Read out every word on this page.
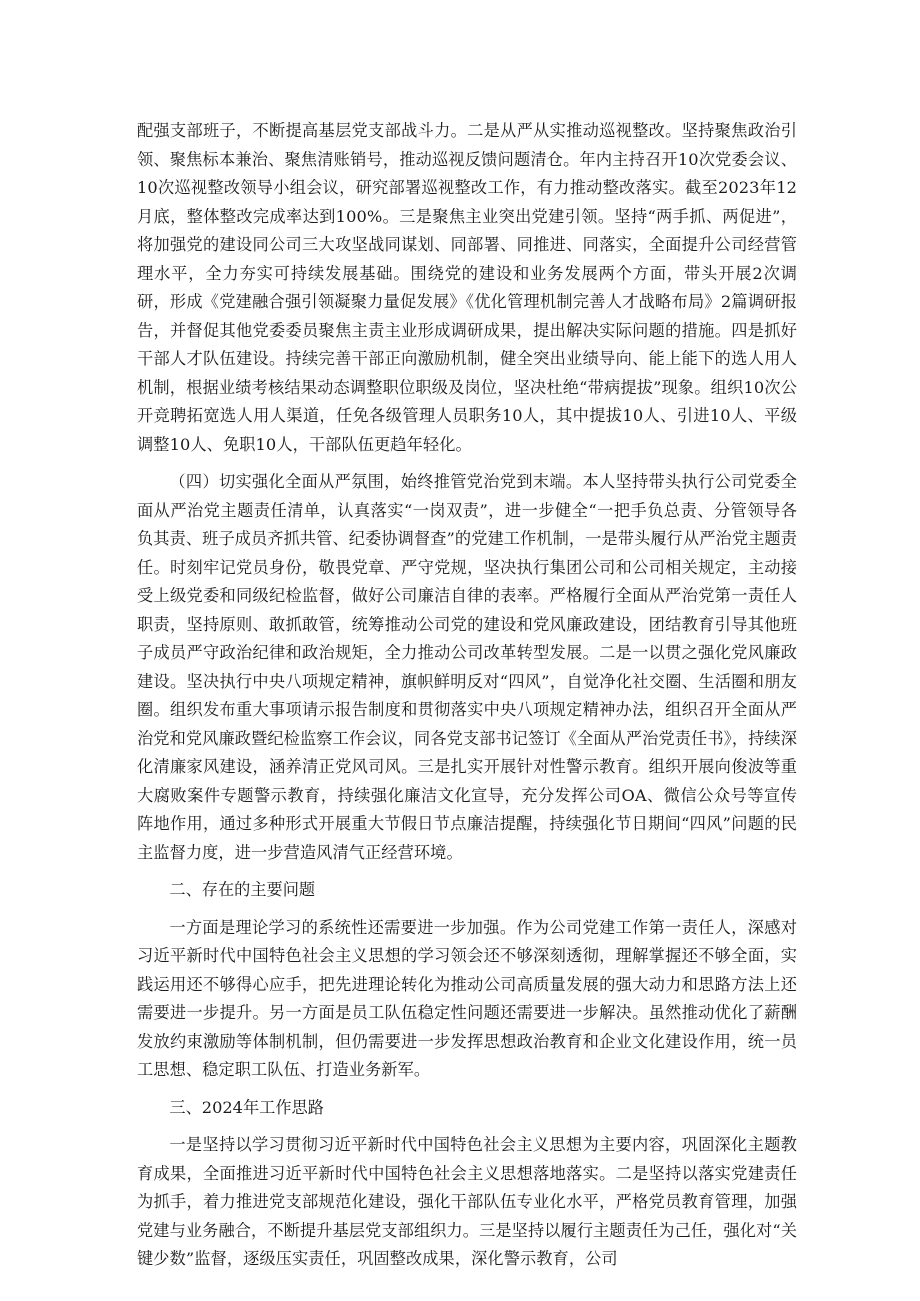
配强支部班子，不断提高基层党支部战斗力。二是从严从实推动巡视整改。坚持聚焦政治引领、聚焦标本兼治、聚焦清账销号，推动巡视反馈问题清仓。年内主持召开10次党委会议、10次巡视整改领导小组会议，研究部署巡视整改工作，有力推动整改落实。截至2023年12月底，整体整改完成率达到100%。三是聚焦主业突出党建引领。坚持“两手抓、两促进”，将加强党的建设同公司三大攻坚战同谋划、同部署、同推进、同落实，全面提升公司经营管理水平，全力夯实可持续发展基础。围绕党的建设和业务发展两个方面，带头开展2次调研，形成《党建融合强引领凝聚力量促发展》《优化管理机制完善人才战略布局》2篇调研报告，并督促其他党委委员聚焦主责主业形成调研成果，提出解决实际问题的措施。四是抓好干部人才队伍建设。持续完善干部正向激励机制，健全突出业绩导向、能上能下的选人用人机制，根据业绩考核结果动态调整职位职级及岗位，坚决杜绝“带病提拔”现象。组织10次公开竞聘拓宽选人用人渠道，任免各级管理人员职务10人，其中提拔10人、引进10人、平级调整10人、免职10人，干部队伍更趋年轻化。

（四）切实强化全面从严氛围，始终推管党治党到末端。本人坚持带头执行公司党委全面从严治党主题责任清单，认真落实“一岗双责”，进一步健全“一把手负总责、分管领导各负其责、班子成员齐抓共管、纪委协调督查”的党建工作机制，一是带头履行从严治党主题责任。时刻牢记党员身份，敬畏党章、严守党规，坚决执行集团公司和公司相关规定，主动接受上级党委和同级纪检监督，做好公司廉洁自律的表率。严格履行全面从严治党第一责任人职责，坚持原则、敢抓敢管，统筹推动公司党的建设和党风廉政建设，团结教育引导其他班子成员严守政治纪律和政治规矩，全力推动公司改革转型发展。二是一以贯之强化党风廉政建设。坚决执行中央八项规定精神，旗帜鲜明反对“四风”，自觉净化社交圈、生活圈和朋友圈。组织发布重大事项请示报告制度和贯彻落实中央八项规定精神办法，组织召开全面从严治党和党风廉政暨纪检监察工作会议，同各党支部书记签订《全面从严治党责任书》，持续深化清廉家风建设，涵养清正党风司风。三是扎实开展针对性警示教育。组织开展向俊波等重大腐败案件专题警示教育，持续强化廉洁文化宣导，充分发挥公司OA、微信公众号等宣传阵地作用，通过多种形式开展重大节假日节点廉洁提醒，持续强化节日期间“四风”问题的民主监督力度，进一步营造风清气正经营环境。

二、存在的主要问题

一方面是理论学习的系统性还需要进一步加强。作为公司党建工作第一责任人，深感对习近平新时代中国特色社会主义思想的学习领会还不够深刻透彻，理解掌握还不够全面，实践运用还不够得心应手，把先进理论转化为推动公司高质量发展的强大动力和思路方法上还需要进一步提升。另一方面是员工队伍稳定性问题还需要进一步解决。虽然推动优化了薪酬发放约束激励等体制机制，但仍需要进一步发挥思想政治教育和企业文化建设作用，统一员工思想、稳定职工队伍、打造业务新军。

三、2024年工作思路

一是坚持以学习贯彻习近平新时代中国特色社会主义思想为主要内容，巩固深化主题教育成果，全面推进习近平新时代中国特色社会主义思想落地落实。二是坚持以落实党建责任为抓手，着力推进党支部规范化建设，强化干部队伍专业化水平，严格党员教育管理，加强党建与业务融合，不断提升基层党支部组织力。三是坚持以履行主题责任为己任，强化对“关键少数”监督，逐级压实责任，巩固整改成果，深化警示教育，公司
